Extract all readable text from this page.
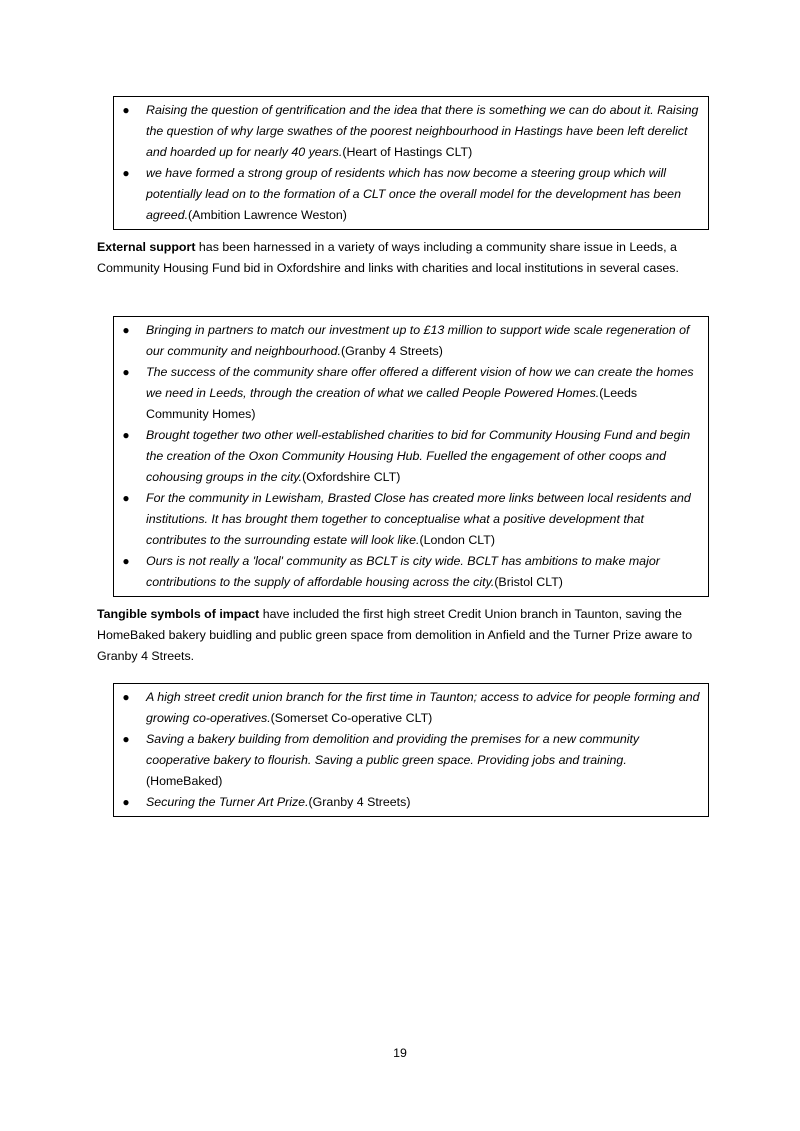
● Raising the question of gentrification and the idea that there is something we can do about it. Raising the question of why large swathes of the poorest neighbourhood in Hastings have been left derelict and hoarded up for nearly 40 years.(Heart of Hastings CLT)
● we have formed a strong group of residents which has now become a steering group which will potentially lead on to the formation of a CLT once the overall model for the development has been agreed.(Ambition Lawrence Weston)

External support has been harnessed in a variety of ways including a community share issue in Leeds, a Community Housing Fund bid in Oxfordshire and links with charities and local institutions in several cases.

● Bringing in partners to match our investment up to £13 million to support wide scale regeneration of our community and neighbourhood.(Granby 4 Streets)
● The success of the community share offer offered a different vision of how we can create the homes we need in Leeds, through the creation of what we called People Powered Homes.(Leeds Community Homes)
● Brought together two other well-established charities to bid for Community Housing Fund and begin the creation of the Oxon Community Housing Hub. Fuelled the engagement of other coops and cohousing groups in the city.(Oxfordshire CLT)
● For the community in Lewisham, Brasted Close has created more links between local residents and institutions. It has brought them together to conceptualise what a positive development that contributes to the surrounding estate will look like.(London CLT)
● Ours is not really a 'local' community as BCLT is city wide. BCLT has ambitions to make major contributions to the supply of affordable housing across the city.(Bristol CLT)

Tangible symbols of impact have included the first high street Credit Union branch in Taunton, saving the HomeBaked bakery buidling and public green space from demolition in Anfield and the Turner Prize aware to Granby 4 Streets.

● A high street credit union branch for the first time in Taunton; access to advice for people forming and growing co-operatives.(Somerset Co-operative CLT)
● Saving a bakery building from demolition and providing the premises for a new community cooperative bakery to flourish. Saving a public green space. Providing jobs and training.(HomeBaked)
● Securing the Turner Art Prize.(Granby 4 Streets)
19
